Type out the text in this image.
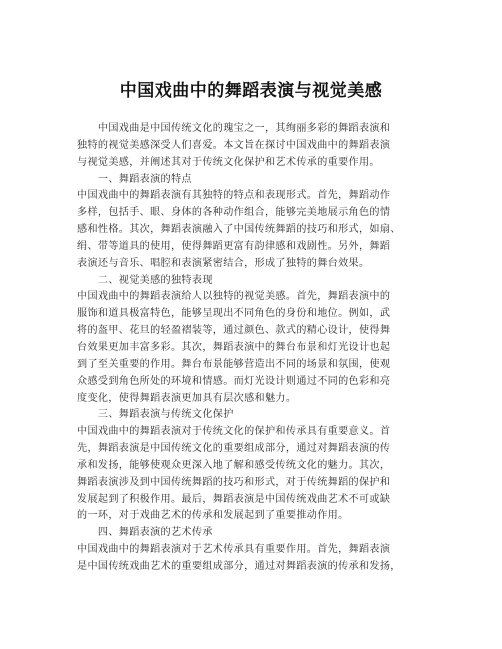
中国戏曲中的舞蹈表演与视觉美感
　　中国戏曲是中国传统文化的瑰宝之一，其绚丽多彩的舞蹈表演和
独特的视觉美感深受人们喜爱。本文旨在探讨中国戏曲中的舞蹈表演
与视觉美感，并阐述其对于传统文化保护和艺术传承的重要作用。
　　一、舞蹈表演的特点
中国戏曲中的舞蹈表演有其独特的特点和表现形式。首先，舞蹈动作
多样，包括手、眼、身体的各种动作组合，能够完美地展示角色的情
感和性格。其次，舞蹈表演融入了中国传统舞蹈的技巧和形式，如扇、
绢、带等道具的使用，使得舞蹈更富有韵律感和戏剧性。另外，舞蹈
表演还与音乐、唱腔和表演紧密结合，形成了独特的舞台效果。
　　二、视觉美感的独特表现
中国戏曲中的舞蹈表演给人以独特的视觉美感。首先，舞蹈表演中的
服饰和道具极富特色，能够呈现出不同角色的身份和地位。例如，武
将的盔甲、花旦的轻盈褶装等，通过颜色、款式的精心设计，使得舞
台效果更加丰富多彩。其次，舞蹈表演中的舞台布景和灯光设计也起
到了至关重要的作用。舞台布景能够营造出不同的场景和氛围，使观
众感受到角色所处的环境和情感。而灯光设计则通过不同的色彩和亮
度变化，使得舞蹈表演更加具有层次感和魅力。
　　三、舞蹈表演与传统文化保护
中国戏曲中的舞蹈表演对于传统文化的保护和传承具有重要意义。首
先，舞蹈表演是中国传统文化的重要组成部分，通过对舞蹈表演的传
承和发扬，能够使观众更深入地了解和感受传统文化的魅力。其次，
舞蹈表演涉及到中国传统舞蹈的技巧和形式，对于传统舞蹈的保护和
发展起到了积极作用。最后，舞蹈表演是中国传统戏曲艺术不可或缺
的一环，对于戏曲艺术的传承和发展起到了重要推动作用。
　　四、舞蹈表演的艺术传承
中国戏曲中的舞蹈表演对于艺术传承具有重要作用。首先，舞蹈表演
是中国传统戏曲艺术的重要组成部分，通过对舞蹈表演的传承和发扬，
